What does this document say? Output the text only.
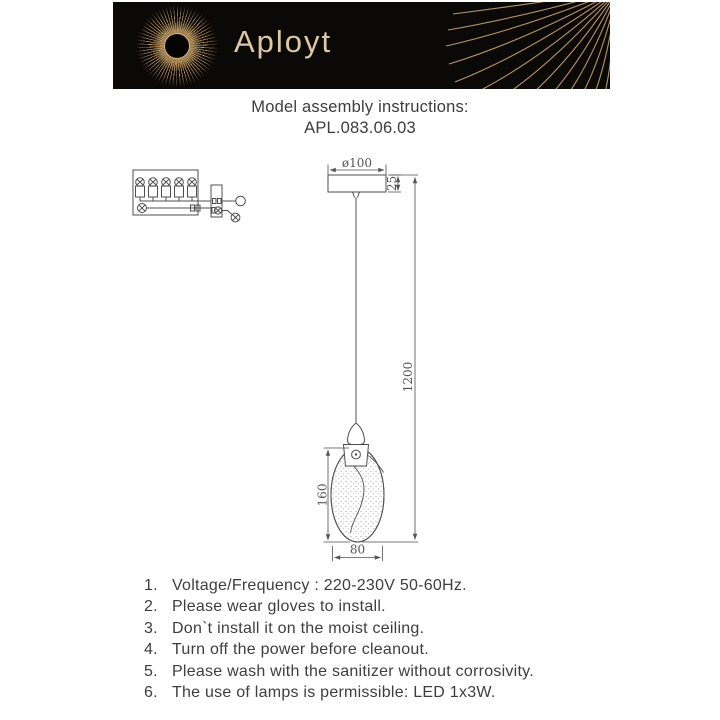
Aployt
Model assembly instructions:
APL.083.06.03
ø100
25
1200
160
80
1. Voltage/Frequency : 220-230V 50-60Hz.
2. Please wear gloves to install.
3. Don`t install it on the moist ceiling.
4. Turn off the power before cleanout.
5. Please wash with the sanitizer without corrosivity.
6. The use of lamps is permissible: LED 1x3W.
